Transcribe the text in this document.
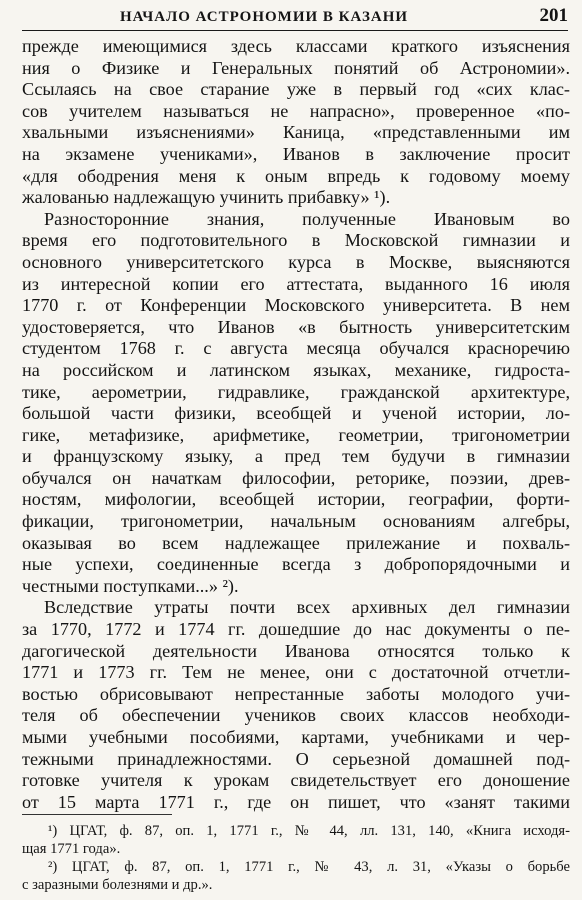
НАЧАЛО АСТРОНОМИИ В КАЗАНИ	201
прежде имеющимися здесь классами краткого изъяснения
ния о Физике и Генеральных понятий об Астрономии».
Ссылаясь на свое старание уже в первый год «сих клас-
сов учителем называться не напрасно», проверенное «по-
хвальными изъяснениями» Каница, «представленными им
на экзамене учениками», Иванов в заключение просит
«для ободрения меня к оным впредь к годовому моему
жалованью надлежащую учинить прибавку» ¹).
Разносторонние знания, полученные Ивановым во
время его подготовительного в Московской гимназии и
основного университетского курса в Москве, выясняются
из интересной копии его аттестата, выданного 16 июля
1770 г. от Конференции Московского университета. В нем
удостоверяется, что Иванов «в бытность университетским
студентом 1768 г. с августа месяца обучался красноречию
на российском и латинском языках, механике, гидроста-
тике, аерометрии, гидравлике, гражданской архитектуре,
большой части физики, всеобщей и ученой истории, ло-
гике, метафизике, арифметике, геометрии, тригонометрии
и французскому языку, а пред тем будучи в гимназии
обучался он начаткам философии, реторике, поэзии, древ-
ностям, мифологии, всеобщей истории, географии, форти-
фикации, тригонометрии, начальным основаниям алгебры,
оказывая во всем надлежащее прилежание и похваль-
ные успехи, соединенные всегда з добропорядочными и
честными поступками...» ²).
Вследствие утраты почти всех архивных дел гимназии
за 1770, 1772 и 1774 гг. дошедшие до нас документы о пе-
дагогической деятельности Иванова относятся только к
1771 и 1773 гг. Тем не менее, они с достаточной отчетли-
востью обрисовывают непрестанные заботы молодого учи-
теля об обеспечении учеников своих классов необходи-
мыми учебными пособиями, картами, учебниками и чер-
тежными принадлежностями. О серьезной домашней под-
готовке учителя к урокам свидетельствует его доношение
от 15 марта 1771 г., где он пишет, что «занят такими
¹) ЦГАТ, ф. 87, оп. 1, 1771 г., № 44, лл. 131, 140, «Книга исходя-
щая 1771 года».
²) ЦГАТ, ф. 87, оп. 1, 1771 г., № 43, л. 31, «Указы о борьбе
с заразными болезнями и др.».
